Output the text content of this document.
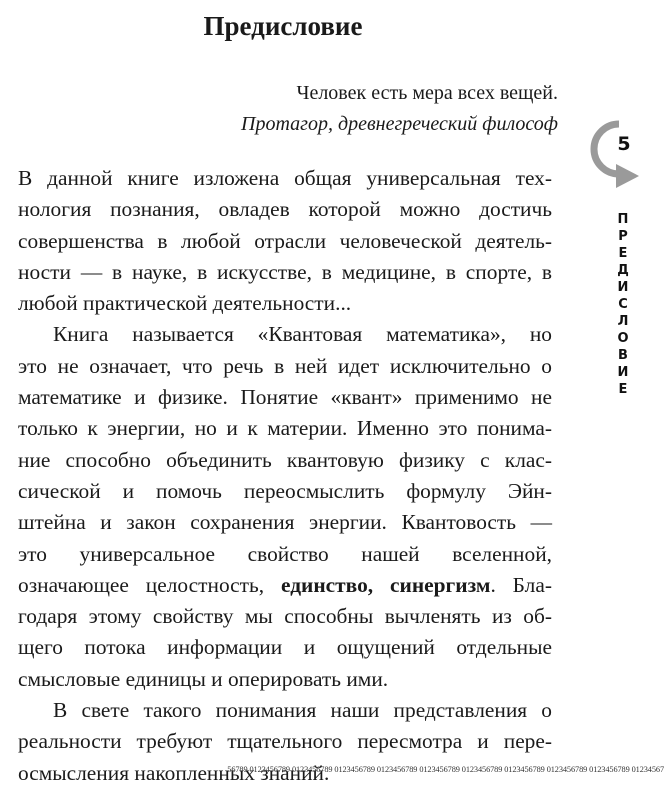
Предисловие
Человек есть мера всех вещей.
Протагор, древнегреческий философ
5
П
Р
Е
Д
И
С
Л
О
В
И
Е
В данной книге изложена общая универсальная тех-
нология познания, овладев которой можно достичь
совершенства в любой отрасли человеческой деятель-
ности — в науке, в искусстве, в медицине, в спорте, в
любой практической деятельности...
Книга называется «Квантовая математика», но
это не означает, что речь в ней идет исключительно о
математике и физике. Понятие «квант» применимо не
только к энергии, но и к материи. Именно это понима-
ние способно объединить квантовую физику с клас-
сической и помочь переосмыслить формулу Эйн-
штейна и закон сохранения энергии. Квантовость —
это универсальное свойство нашей вселенной,
означающее целостность, единство, синергизм. Бла-
годаря этому свойству мы способны вычленять из об-
щего потока информации и ощущений отдельные
смысловые единицы и оперировать ими.
В свете такого понимания наши представления о
реальности требуют тщательного пересмотра и пере-
осмысления накопленных знаний.
56789 0123456789 0123456789 0123456789 0123456789 0123456789 0123456789 0123456789 0123456789 0123456789 01234567
